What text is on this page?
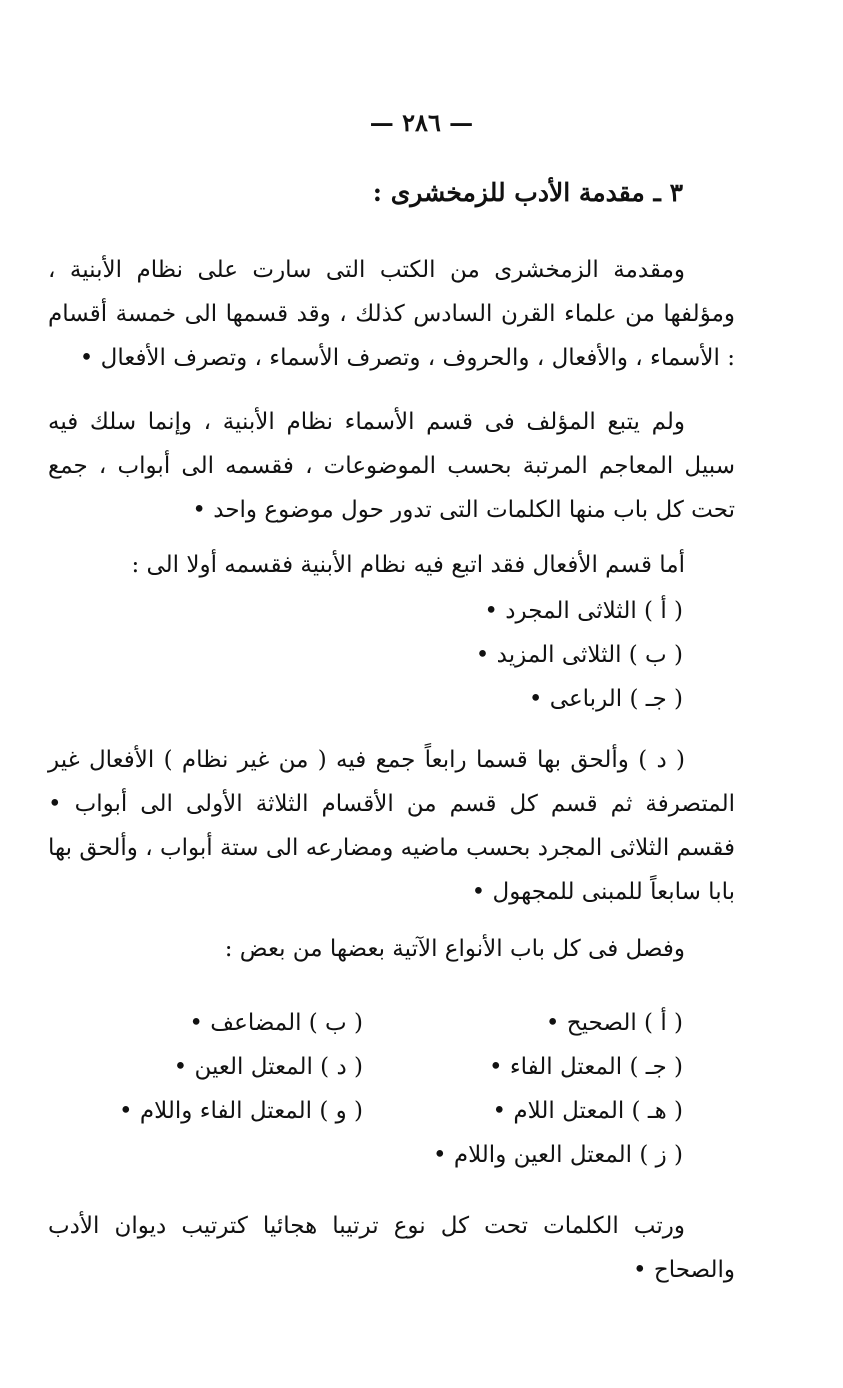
— ٢٨٦ —
٣ ـ مقدمة الأدب للزمخشرى :
ومقدمة الزمخشرى من الكتب التى سارت على نظام الأبنية ، ومؤلفها من علماء القرن السادس كذلك ، وقد قسمها الى خمسة أقسام : الأسماء ، والأفعال ، والحروف ، وتصرف الأسماء ، وتصرف الأفعال •
ولم يتبع المؤلف فى قسم الأسماء نظام الأبنية ، وإنما سلك فيه سبيل المعاجم المرتبة بحسب الموضوعات ، فقسمه الى أبواب ، جمع تحت كل باب منها الكلمات التى تدور حول موضوع واحد •
أما قسم الأفعال فقد اتبع فيه نظام الأبنية فقسمه أولا الى :
( أ ) الثلاثى المجرد •
( ب ) الثلاثى المزيد •
( جـ ) الرباعى •
( د ) وألحق بها قسما رابعاً جمع فيه ( من غير نظام ) الأفعال غير المتصرفة ثم قسم كل قسم من الأقسام الثلاثة الأولى الى أبواب • فقسم الثلاثى المجرد بحسب ماضيه ومضارعه الى ستة أبواب ، وألحق بها بابا سابعاً للمبنى للمجهول •
وفصل فى كل باب الأنواع الآتية بعضها من بعض :
( أ ) الصحيح •
( ب ) المضاعف •
( جـ ) المعتل الفاء •
( د ) المعتل العين •
( هـ ) المعتل اللام •
( و ) المعتل الفاء واللام •
( ز ) المعتل العين واللام •
ورتب الكلمات تحت كل نوع ترتيبا هجائيا كترتيب ديوان الأدب والصحاح •
